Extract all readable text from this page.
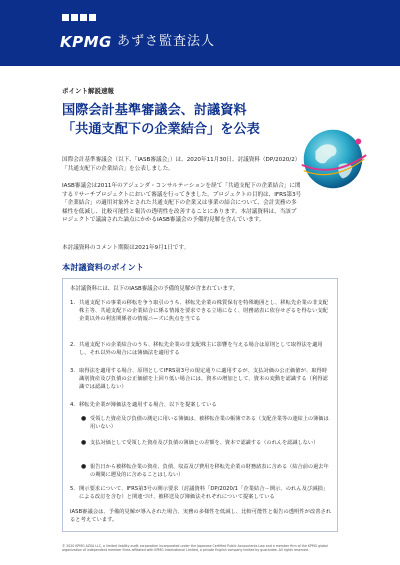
KPMG あずさ監査法人
ポイント解説速報
国際会計基準審議会、討議資料
「共通支配下の企業結合」を公表
国際会計基準審議会（以下、「IASB審議会」）は、2020年11月30日、討議資料（DP/2020/2）「共通支配下の企業結合」を公表しました。
IASB審議会は2011年のアジェンダ・コンサルテーションを経て「共通支配下の企業結合」に関するリサーチプロジェクトにおいて審議を行ってきました。プロジェクトの目的は、IFRS第3号「企業結合」の適用対象外とされた共通支配下の企業又は事業の結合について、会計実務の多様性を低減し、比較可能性と報告の透明性を改善することにあります。本討議資料は、当該プロジェクトで議論された論点にかかるIASB審議会の予備的見解を含んでいます。
本討議資料のコメント期限は2021年9月1日です。
本討議資料のポイント
本討議資料には、以下のIASB審議会の予備的見解が含まれています。
1. 共通支配下の事業の移転を争う取引のうち、移転先企業の株質保有を特殊範囲とし、移転先企業の非支配株主等、共通支配下の企業結合に係る情報を要求できる立場になく、財務諸表に依存せざるを得ない支配企業以外の利害関係者の情報ニーズに焦点を当てる
2. 共通支配下の企業結合のうち、移転先企業の非支配株主に影響を与える場合は原則として取得法を適用し、それ以外の場合には簿価法を適用する
3. 取得法を適用する場合、原則としてIFRS第3号の規定通りに適用するが、支払対価の公正価値が、取得時識別資産及び負債の公正価値を上回り低い場合には、資本の増加として、資本の変動を認識する（利得認識では認識しない）
4. 移転先企業が簿価法を適用する場合、以下を提案している
● 受領した資産及び負債の測定に用いる簿価は、被移転企業の帳簿である（支配企業等の連結上の簿価は用いない）
● 支払対価として受領した資産及び負債の簿価との差額を、資本で認識する（のれんを認識しない）
● 報告日から被移転企業の資産、負債、収益及び費用を移転先企業の財務諸表に含める（結合前の過去年の期間に遡及的に含めることはしない）
5. 開示要求について、IFRS第3号の開示要求（討議資料「DP/2020/1「企業結合－開示、のれん及び減損」による改訂を含む）と関連づけ、被移送及び簿価法それぞれについて提案している
IASB審議会は、予備的見解が導入された場合、実務の多様性を低減し、比較可能性と報告の透明性が改善されると考えています。
© 2020 KPMG AZSA LLC, a limited liability audit corporation incorporated under the Japanese Certified Public Accountants Law and a member firm of the KPMG global organization of independent member firms affiliated with KPMG International Limited, a private English company limited by guarantee. All rights reserved.
